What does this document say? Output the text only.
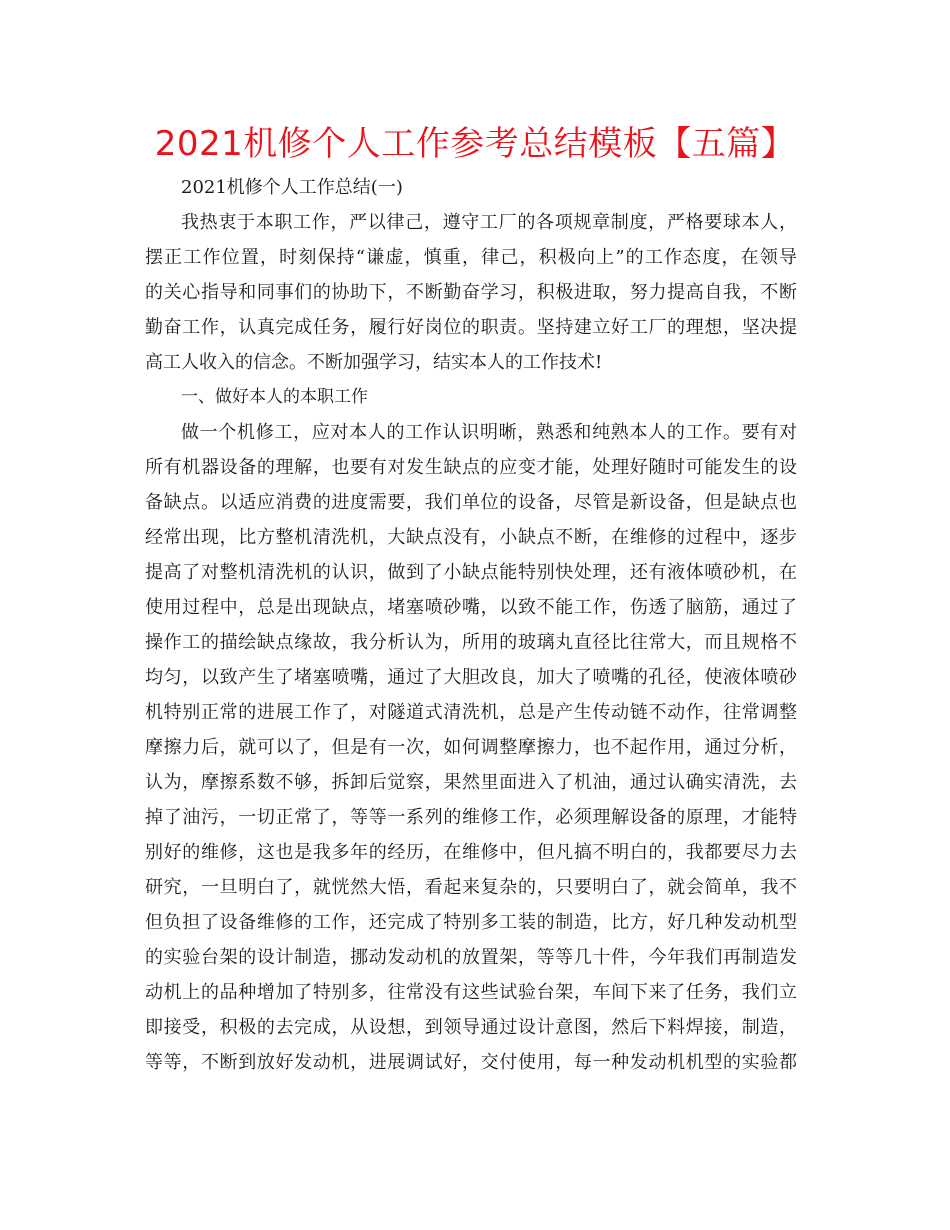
2021机修个人工作参考总结模板【五篇】
2021机修个人工作总结(一)
我热衷于本职工作，严以律己，遵守工厂的各项规章制度，严格要球本人，
摆正工作位置，时刻保持“谦虚，慎重，律己，积极向上”的工作态度，在领导
的关心指导和同事们的协助下，不断勤奋学习，积极进取，努力提高自我，不断
勤奋工作，认真完成任务，履行好岗位的职责。坚持建立好工厂的理想，坚决提
高工人收入的信念。不断加强学习，结实本人的工作技术!
一、做好本人的本职工作
做一个机修工，应对本人的工作认识明晰，熟悉和纯熟本人的工作。要有对
所有机器设备的理解，也要有对发生缺点的应变才能，处理好随时可能发生的设
备缺点。以适应消费的进度需要，我们单位的设备，尽管是新设备，但是缺点也
经常出现，比方整机清洗机，大缺点没有，小缺点不断，在维修的过程中，逐步
提高了对整机清洗机的认识，做到了小缺点能特别快处理，还有液体喷砂机，在
使用过程中，总是出现缺点，堵塞喷砂嘴，以致不能工作，伤透了脑筋，通过了
操作工的描绘缺点缘故，我分析认为，所用的玻璃丸直径比往常大，而且规格不
均匀，以致产生了堵塞喷嘴，通过了大胆改良，加大了喷嘴的孔径，使液体喷砂
机特别正常的进展工作了，对隧道式清洗机，总是产生传动链不动作，往常调整
摩擦力后，就可以了，但是有一次，如何调整摩擦力，也不起作用，通过分析，
认为，摩擦系数不够，拆卸后觉察，果然里面进入了机油，通过认确实清洗，去
掉了油污，一切正常了，等等一系列的维修工作，必须理解设备的原理，才能特
别好的维修，这也是我多年的经历，在维修中，但凡搞不明白的，我都要尽力去
研究，一旦明白了，就恍然大悟，看起来复杂的，只要明白了，就会简单，我不
但负担了设备维修的工作，还完成了特别多工装的制造，比方，好几种发动机型
的实验台架的设计制造，挪动发动机的放置架，等等几十件，今年我们再制造发
动机上的品种增加了特别多，往常没有这些试验台架，车间下来了任务，我们立
即接受，积极的去完成，从设想，到领导通过设计意图，然后下料焊接，制造，
等等，不断到放好发动机，进展调试好，交付使用，每一种发动机机型的实验都
